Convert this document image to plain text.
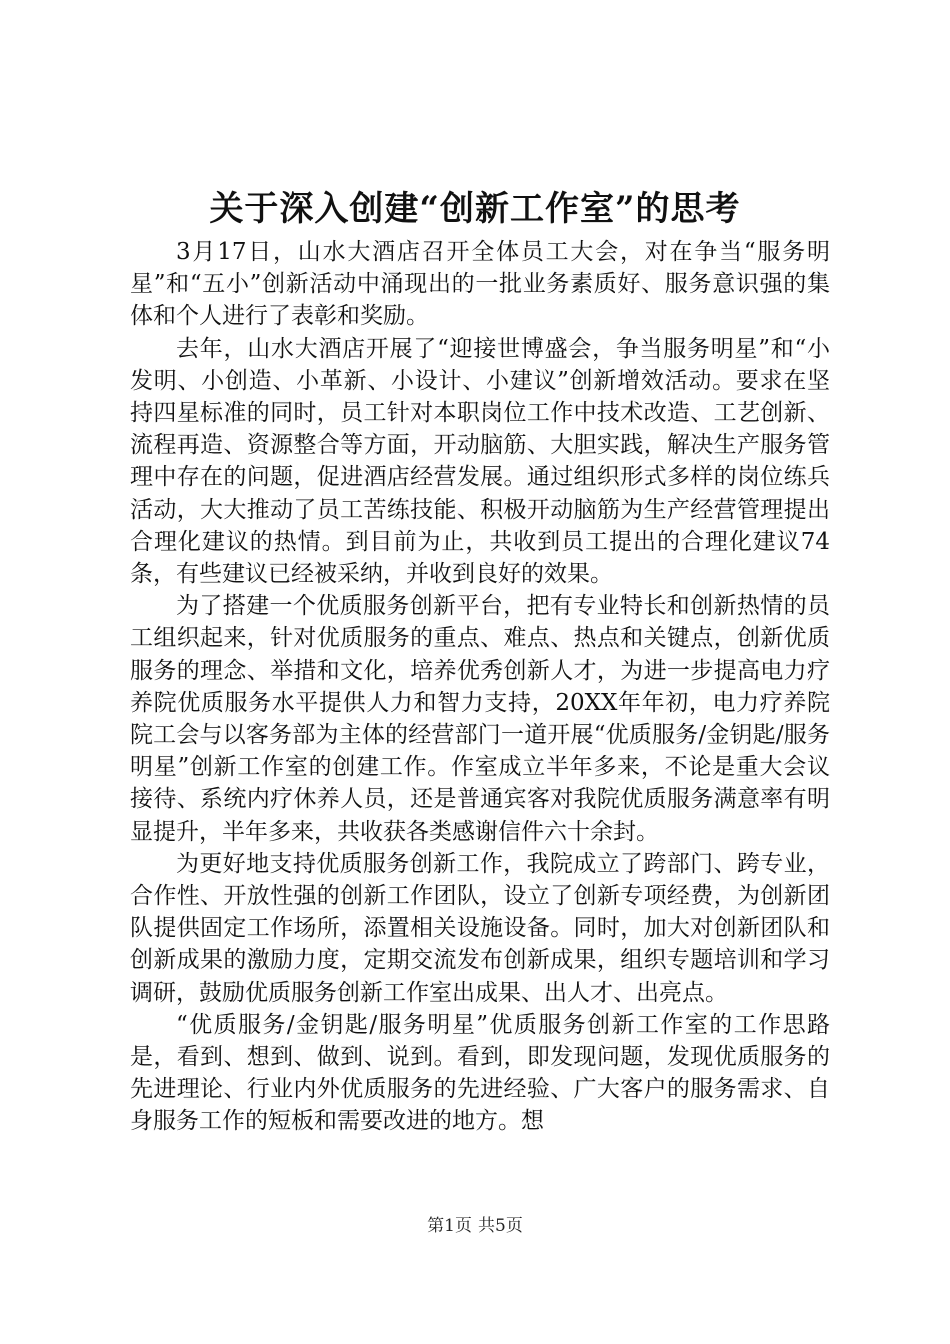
关于深入创建“创新工作室”的思考

3月17日，山水大酒店召开全体员工大会，对在争当“服务明星”和“五小”创新活动中涌现出的一批业务素质好、服务意识强的集体和个人进行了表彰和奖励。

去年，山水大酒店开展了“迎接世博盛会，争当服务明星”和“小发明、小创造、小革新、小设计、小建议”创新增效活动。要求在坚持四星标准的同时，员工针对本职岗位工作中技术改造、工艺创新、流程再造、资源整合等方面，开动脑筋、大胆实践，解决生产服务管理中存在的问题，促进酒店经营发展。通过组织形式多样的岗位练兵活动，大大推动了员工苦练技能、积极开动脑筋为生产经营管理提出合理化建议的热情。到目前为止，共收到员工提出的合理化建议74条，有些建议已经被采纳，并收到良好的效果。

为了搭建一个优质服务创新平台，把有专业特长和创新热情的员工组织起来，针对优质服务的重点、难点、热点和关键点，创新优质服务的理念、举措和文化，培养优秀创新人才，为进一步提高电力疗养院优质服务水平提供人力和智力支持，20XX年年初，电力疗养院院工会与以客务部为主体的经营部门一道开展“优质服务/金钥匙/服务明星”创新工作室的创建工作。作室成立半年多来，不论是重大会议接待、系统内疗休养人员，还是普通宾客对我院优质服务满意率有明显提升，半年多来，共收获各类感谢信件六十余封。

为更好地支持优质服务创新工作，我院成立了跨部门、跨专业，合作性、开放性强的创新工作团队，设立了创新专项经费，为创新团队提供固定工作场所，添置相关设施设备。同时，加大对创新团队和创新成果的激励力度，定期交流发布创新成果，组织专题培训和学习调研，鼓励优质服务创新工作室出成果、出人才、出亮点。

“优质服务/金钥匙/服务明星”优质服务创新工作室的工作思路是，看到、想到、做到、说到。看到，即发现问题，发现优质服务的先进理论、行业内外优质服务的先进经验、广大客户的服务需求、自身服务工作的短板和需要改进的地方。想

第1页 共5页
